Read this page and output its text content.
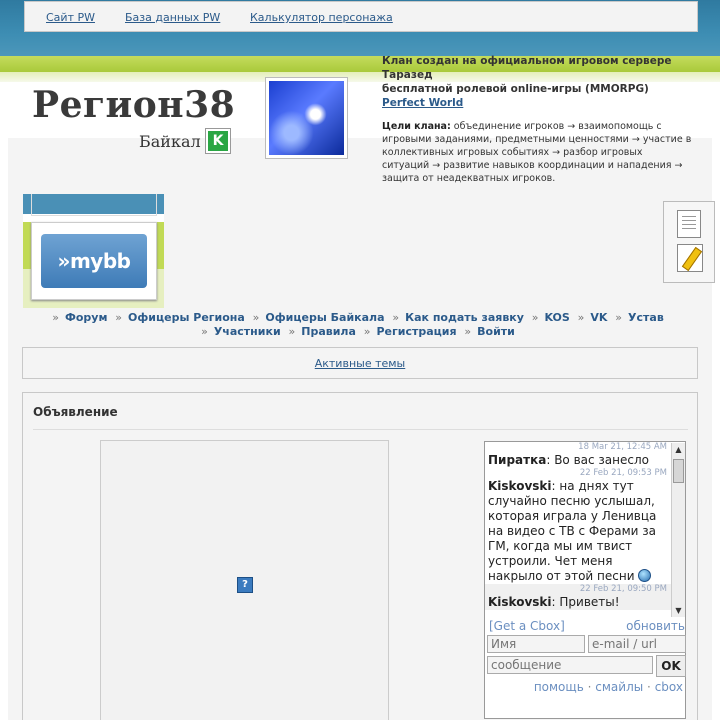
Сайт PW	База данных PW	Калькулятор персонажа
Регион38
Байкал K
Клан создан на официальном игровом сервере
Таразед
бесплатной ролевой online-игры (MMORPG)
Perfect World
Цели клана: объединение игроков → взаимопомощь с игровыми заданиями, предметными ценностями → участие в коллективных игровых событиях → разбор игровых ситуаций → развитие навыков координации и нападения → защита от неадекватных игроков.
»mybb
» Форум » Офицеры Региона » Офицеры Байкала » Как подать заявку » KOS » VK » Устав
» Участники » Правила » Регистрация » Войти
Активные темы
Объявление
?
18 Mar 21, 12:45 AM
Пиратка: Во вас занесло
22 Feb 21, 09:53 PM
Kiskovski: на днях тут случайно песню услышал, которая играла у Ленивца на видео с ТВ с Ферами за ГМ, когда мы им твист устроили. Чет меня накрыло от этой песни
22 Feb 21, 09:50 PM
Kiskovski: Приветы!
▲
▼
[Get a Cbox]	обновить
Имя
e-mail / url
сообщение
OK
помощь · смайлы · cbox
